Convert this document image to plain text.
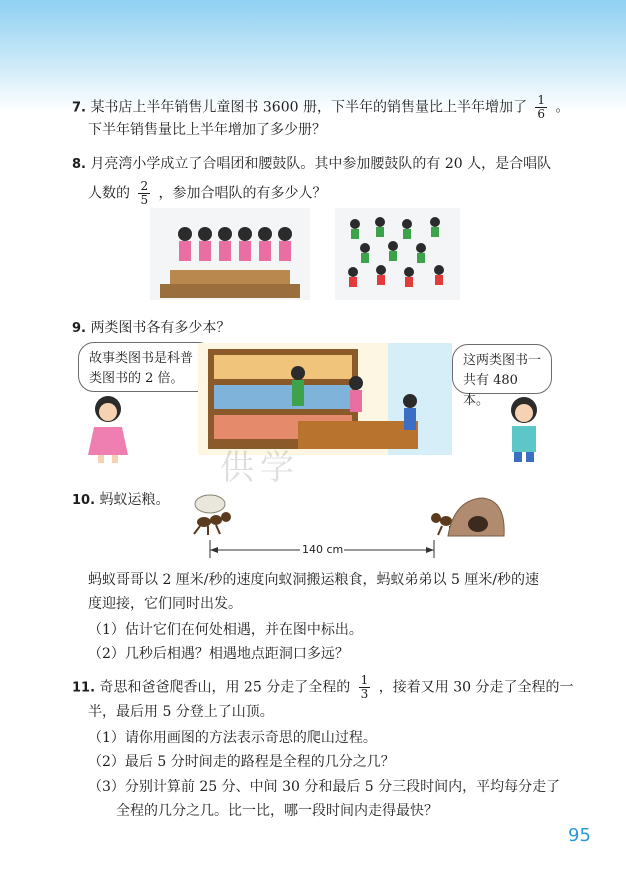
7. 某书店上半年销售儿童图书 3600 册，下半年的销售量比上半年增加了 $\frac{1}{6}$ 。
下半年销售量比上半年增加了多少册？
8. 月亮湾小学成立了合唱团和腰鼓队。其中参加腰鼓队的有 20 人，是合唱队
人数的 $\frac{2}{5}$ ，参加合唱队的有多少人？
9. 两类图书各有多少本？
故事类图书是科普类图书的 2 倍。
这两类图书一共有 480 本。
供学
10. 蚂蚁运粮。
140 cm
蚂蚁哥哥以 2 厘米/秒的速度向蚁洞搬运粮食，蚂蚁弟弟以 5 厘米/秒的速
度迎接，它们同时出发。
（1）估计它们在何处相遇，并在图中标出。
（2）几秒后相遇？相遇地点距洞口多远？
11. 奇思和爸爸爬香山，用 25 分走了全程的 $\frac{1}{3}$ ，接着又用 30 分走了全程的一
半，最后用 5 分登上了山顶。
（1）请你用画图的方法表示奇思的爬山过程。
（2）最后 5 分时间走的路程是全程的几分之几？
（3）分别计算前 25 分、中间 30 分和最后 5 分三段时间内，平均每分走了
全程的几分之几。比一比，哪一段时间内走得最快？
95
